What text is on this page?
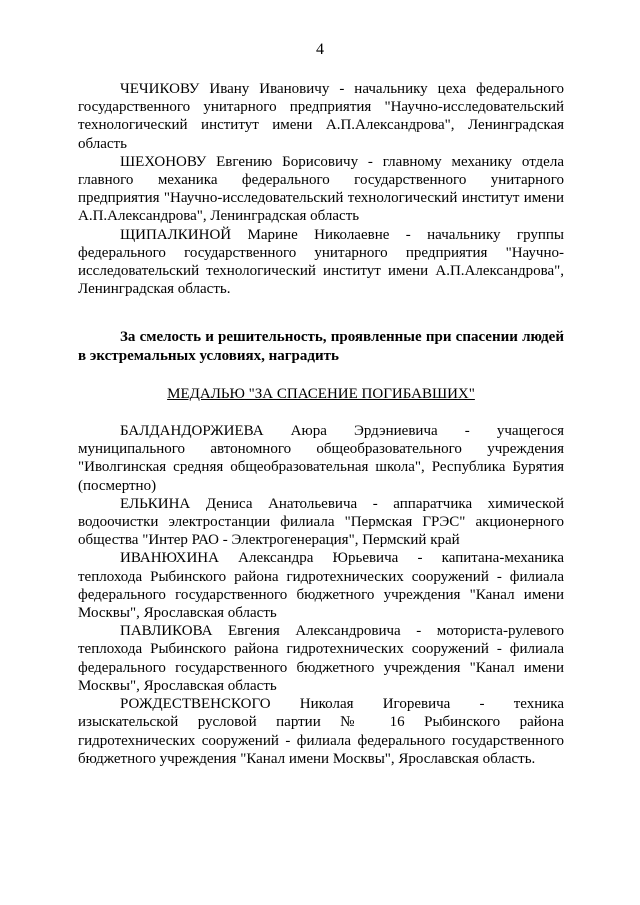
4

ЧЕЧИКОВУ Ивану Ивановичу - начальнику цеха федерального государственного унитарного предприятия "Научно-исследовательский технологический институт имени А.П.Александрова", Ленинградская область

ШЕХОНОВУ Евгению Борисовичу - главному механику отдела главного механика федерального государственного унитарного предприятия "Научно-исследовательский технологический институт имени А.П.Александрова", Ленинградская область

ЩИПАЛКИНОЙ Марине Николаевне - начальнику группы федерального государственного унитарного предприятия "Научно-исследовательский технологический институт имени А.П.Александрова", Ленинградская область.

За смелость и решительность, проявленные при спасении людей в экстремальных условиях, наградить

МЕДАЛЬЮ "ЗА СПАСЕНИЕ ПОГИБАВШИХ"

БАЛДАНДОРЖИЕВА Аюра Эрдэниевича - учащегося муниципального автономного общеобразовательного учреждения "Иволгинская средняя общеобразовательная школа", Республика Бурятия (посмертно)

ЕЛЬКИНА Дениса Анатольевича - аппаратчика химической водоочистки электростанции филиала "Пермская ГРЭС" акционерного общества "Интер РАО - Электрогенерация", Пермский край

ИВАНЮХИНА Александра Юрьевича - капитана-механика теплохода Рыбинского района гидротехнических сооружений - филиала федерального государственного бюджетного учреждения "Канал имени Москвы", Ярославская область

ПАВЛИКОВА Евгения Александровича - моториста-рулевого теплохода Рыбинского района гидротехнических сооружений - филиала федерального государственного бюджетного учреждения "Канал имени Москвы", Ярославская область

РОЖДЕСТВЕНСКОГО Николая Игоревича - техника изыскательской русловой партии № 16 Рыбинского района гидротехнических сооружений - филиала федерального государственного бюджетного учреждения "Канал имени Москвы", Ярославская область.
